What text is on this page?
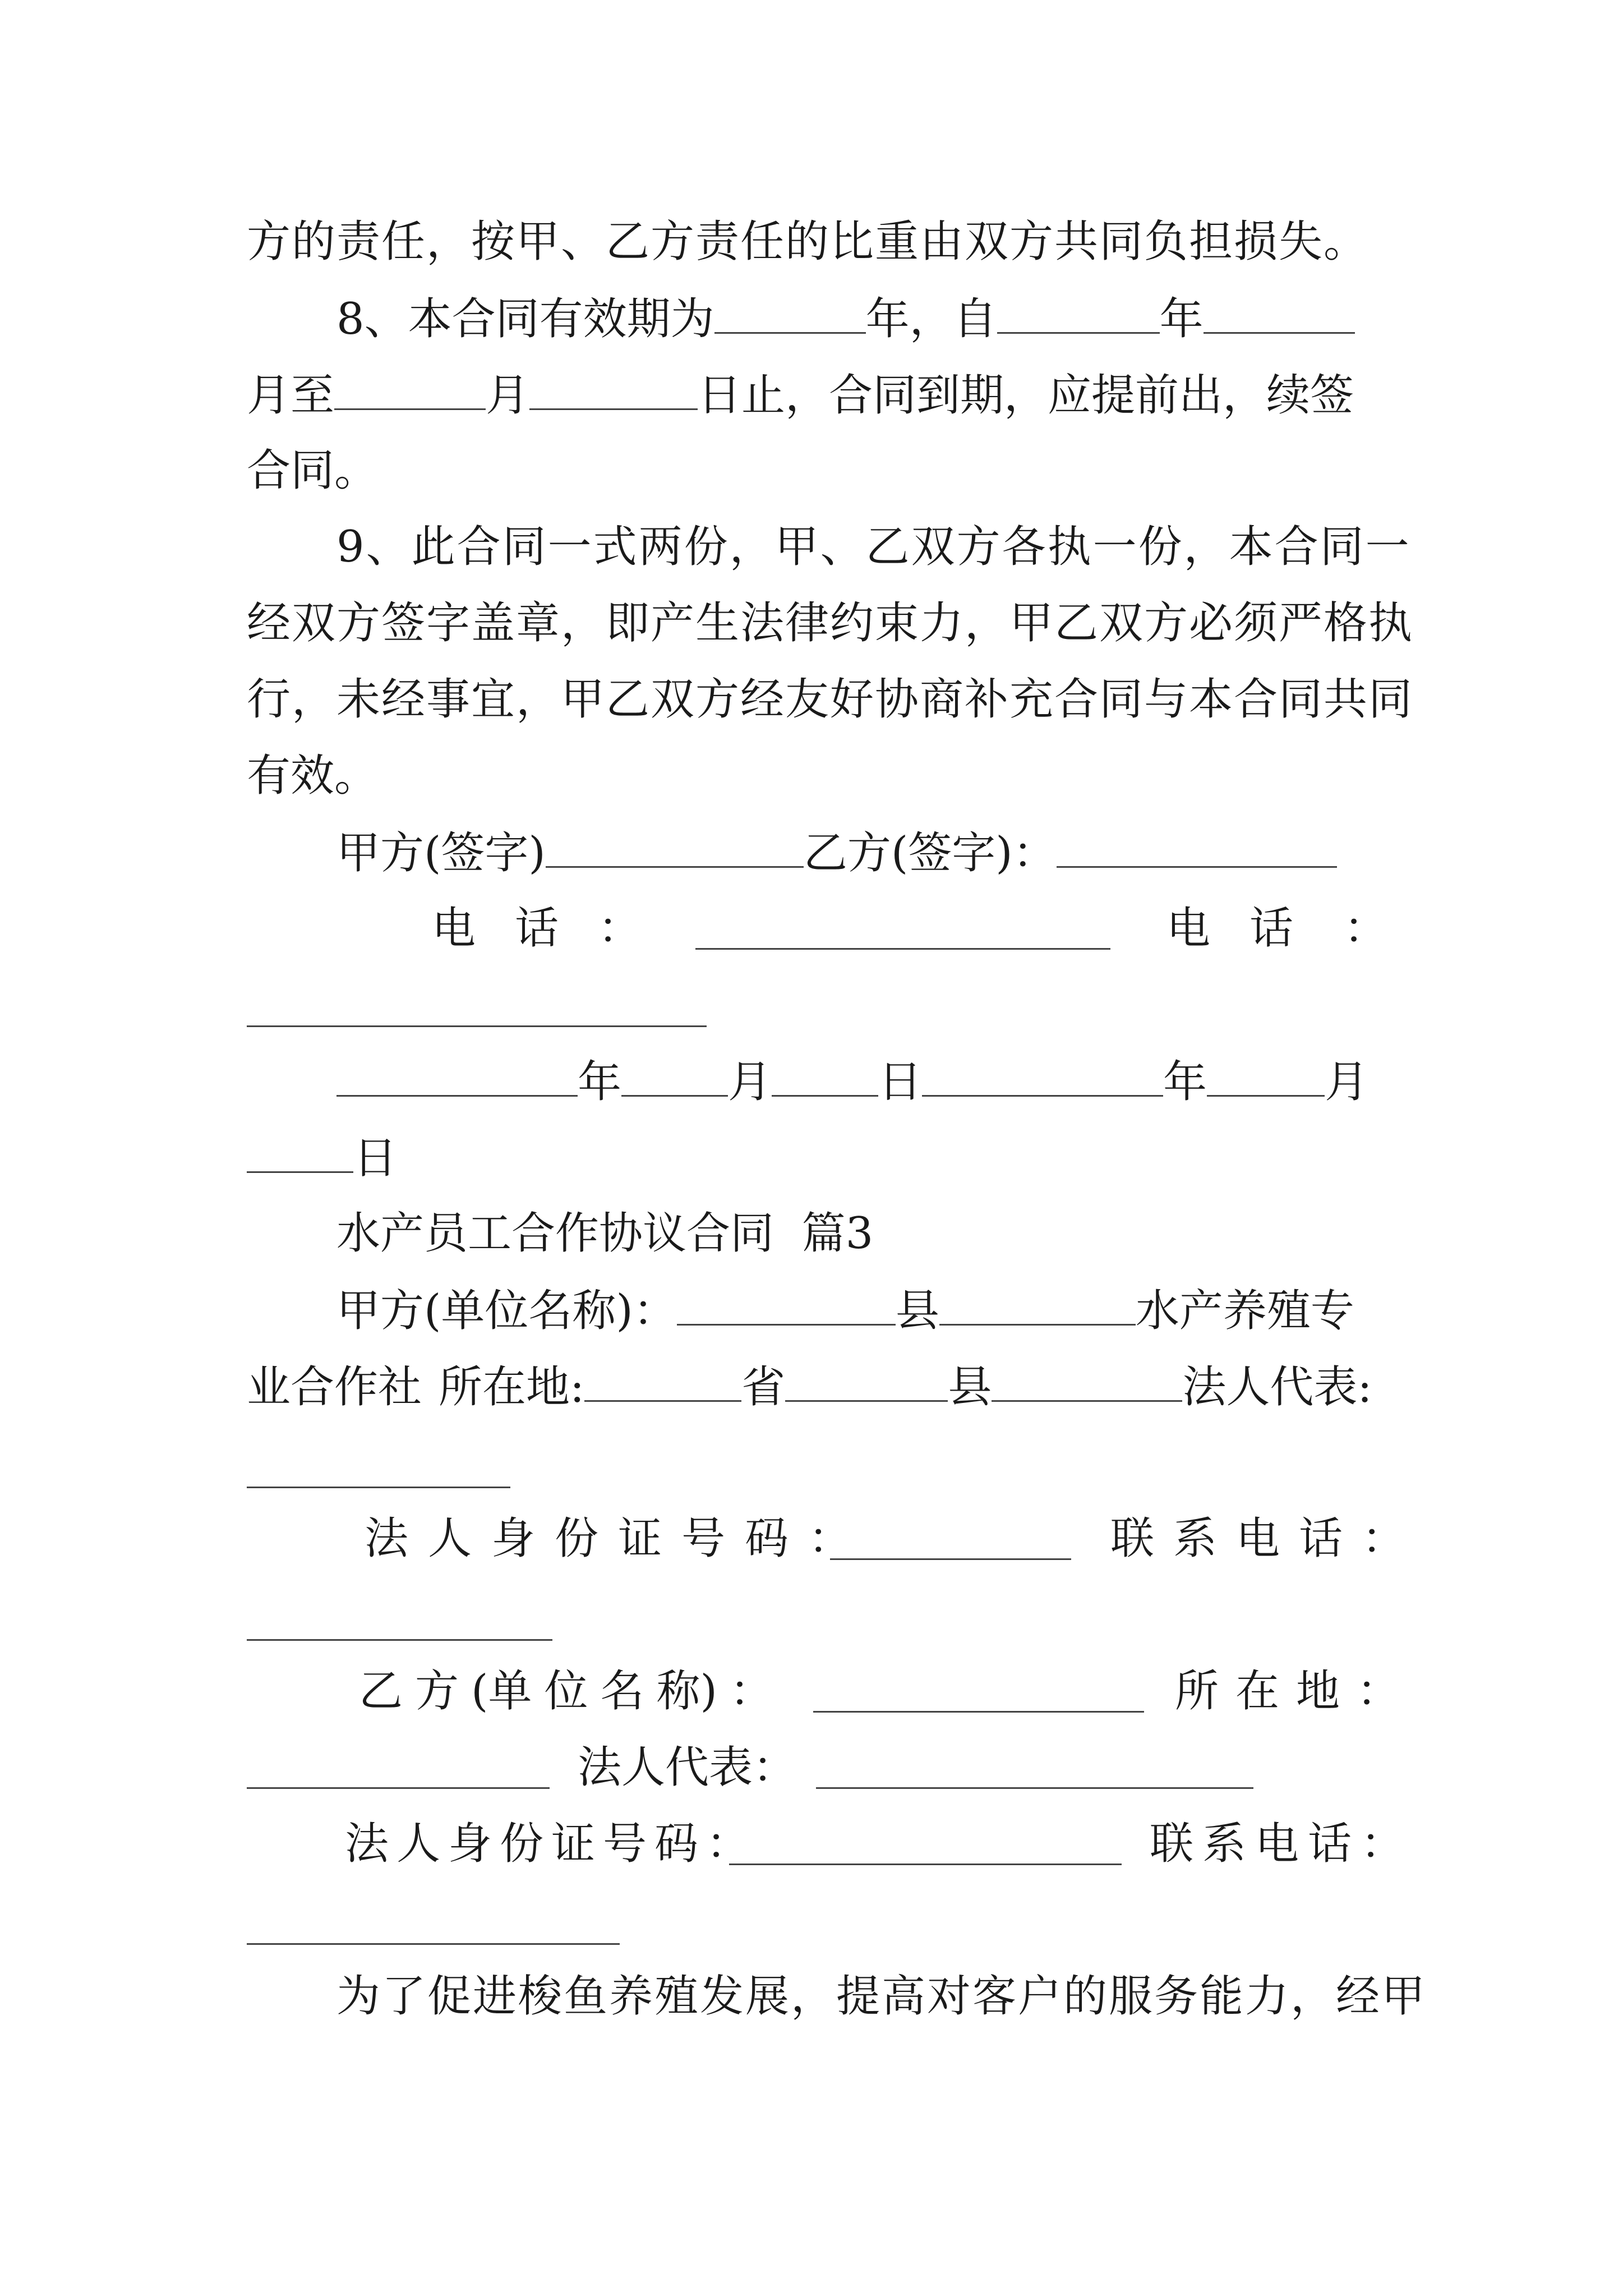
方的责任，按甲、乙方责任的比重由双方共同负担损失。
8、本合同有效期为	年，自	年
月至	月	日止，合同到期，应提前出，续签
合同。
9、此合同一式两份，甲、乙双方各执一份，本合同一
经双方签字盖章，即产生法律约束力，甲乙双方必须严格执
行，未经事宜，甲乙双方经友好协商补充合同与本合同共同
有效。
甲方(签字)	乙方(签字)：
电 话 ：	电 话 ：
年 月 日	年	月
日
水产员工合作协议合同  篇3
甲方(单位名称)：	县	水产养殖专
业合作社 所在地:	省	县	法人代表:
法 人 身 份 证 号 码 ：	联 系 电 话 ：
乙 方 (单 位 名 称) ：	所 在 地 ：
法人代表：
法人身份证号码：	联系电话：
为了促进梭鱼养殖发展，提高对客户的服务能力，经甲
